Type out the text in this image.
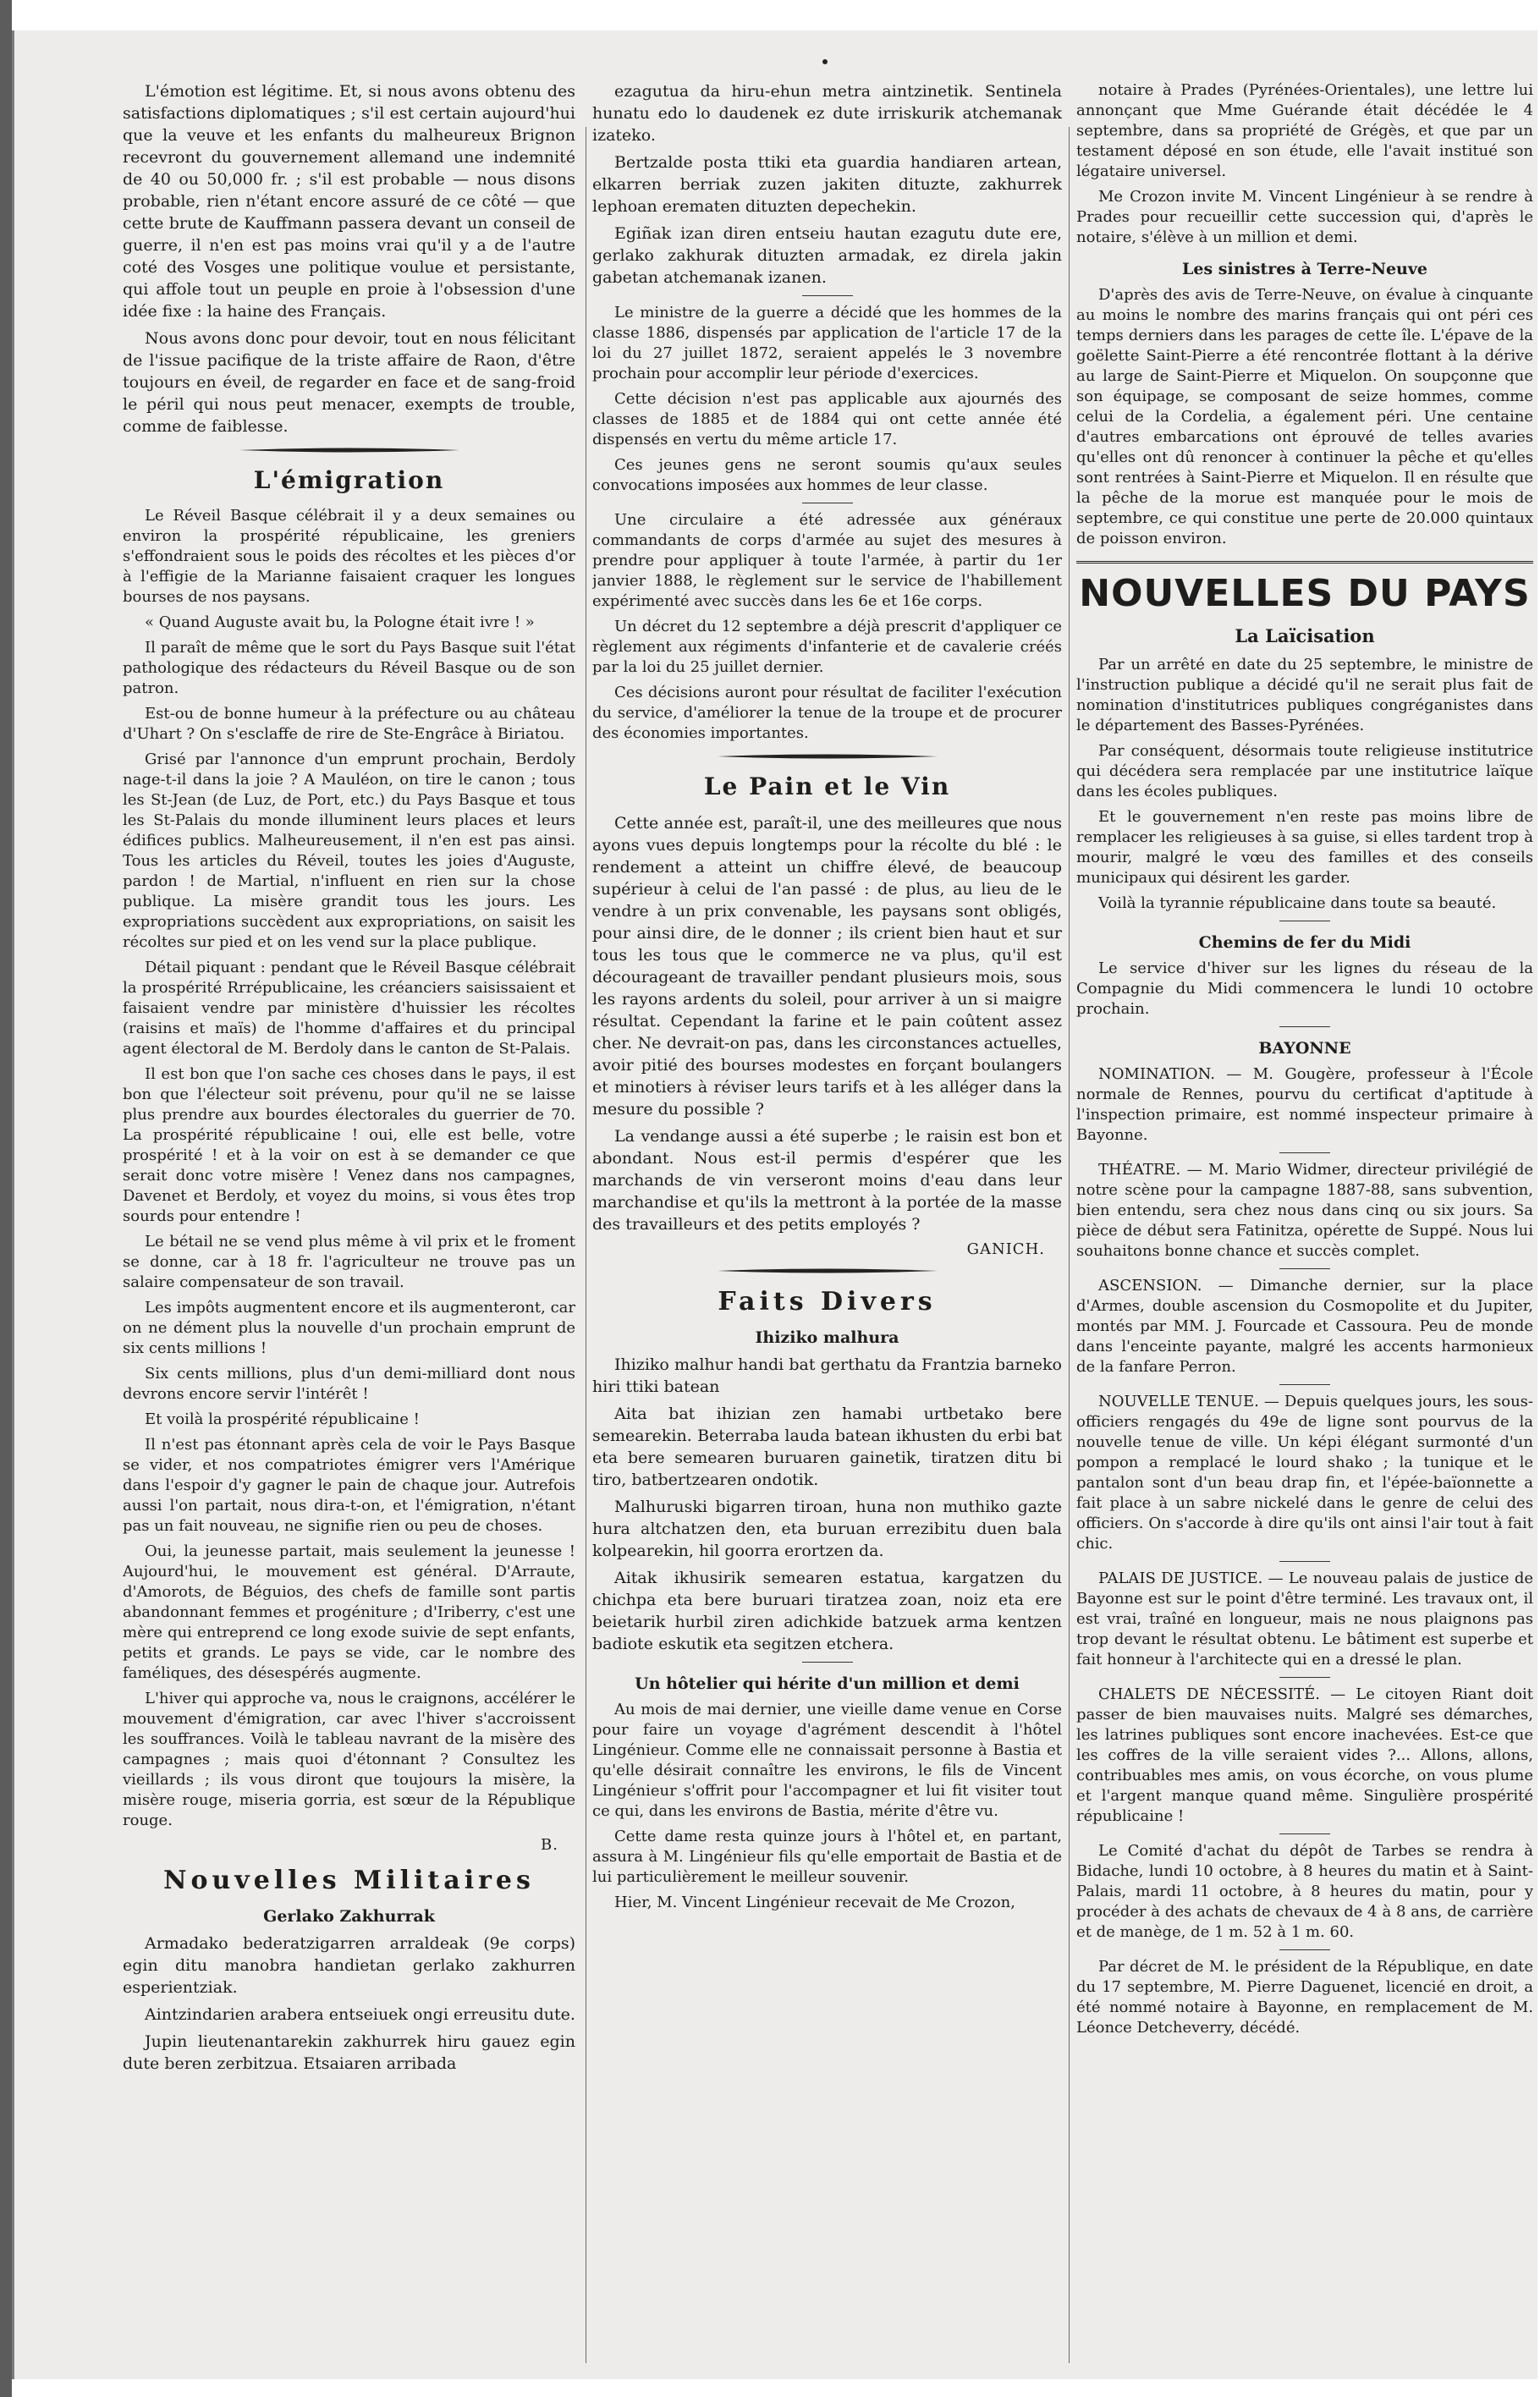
L'émotion est légitime. Et, si nous avons obtenu des satisfactions diplomatiques ; s'il est certain aujourd'hui que la veuve et les enfants du malheureux Brignon recevront du gouvernement allemand une indemnité de 40 ou 50,000 fr. ; s'il est probable — nous disons probable, rien n'étant encore assuré de ce côté — que cette brute de Kauffmann passera devant un conseil de guerre, il n'en est pas moins vrai qu'il y a de l'autre coté des Vosges une politique voulue et persistante, qui affole tout un peuple en proie à l'obsession d'une idée fixe : la haine des Français.

Nous avons donc pour devoir, tout en nous félicitant de l'issue pacifique de la triste affaire de Raon, d'être toujours en éveil, de regarder en face et de sang-froid le péril qui nous peut menacer, exempts de trouble, comme de faiblesse.

L'émigration

Le Réveil Basque célébrait il y a deux semaines ou environ la prospérité républicaine, les greniers s'effondraient sous le poids des récoltes et les pièces d'or à l'effigie de la Marianne faisaient craquer les longues bourses de nos paysans.

« Quand Auguste avait bu, la Pologne était ivre ! »

Il paraît de même que le sort du Pays Basque suit l'état pathologique des rédacteurs du Réveil Basque ou de son patron.

Est-ou de bonne humeur à la préfecture ou au château d'Uhart ? On s'esclaffe de rire de Ste-Engrâce à Biriatou.

Grisé par l'annonce d'un emprunt prochain, Berdoly nage-t-il dans la joie ? A Mauléon, on tire le canon ; tous les St-Jean (de Luz, de Port, etc.) du Pays Basque et tous les St-Palais du monde illuminent leurs places et leurs édifices publics. Malheureusement, il n'en est pas ainsi. Tous les articles du Réveil, toutes les joies d'Auguste, pardon ! de Martial, n'influent en rien sur la chose publique. La misère grandit tous les jours. Les expropriations succèdent aux expropriations, on saisit les récoltes sur pied et on les vend sur la place publique.

Détail piquant : pendant que le Réveil Basque célébrait la prospérité Rrrépublicaine, les créanciers saisissaient et faisaient vendre par ministère d'huissier les récoltes (raisins et maïs) de l'homme d'affaires et du principal agent électoral de M. Berdoly dans le canton de St-Palais.

Il est bon que l'on sache ces choses dans le pays, il est bon que l'électeur soit prévenu, pour qu'il ne se laisse plus prendre aux bourdes électorales du guerrier de 70. La prospérité républicaine ! oui, elle est belle, votre prospérité ! et à la voir on est à se demander ce que serait donc votre misère ! Venez dans nos campagnes, Davenet et Berdoly, et voyez du moins, si vous êtes trop sourds pour entendre !

Le bétail ne se vend plus même à vil prix et le froment se donne, car à 18 fr. l'agriculteur ne trouve pas un salaire compensateur de son travail.

Les impôts augmentent encore et ils augmenteront, car on ne dément plus la nouvelle d'un prochain emprunt de six cents millions !

Six cents millions, plus d'un demi-milliard dont nous devrons encore servir l'intérêt !

Et voilà la prospérité républicaine !

Il n'est pas étonnant après cela de voir le Pays Basque se vider, et nos compatriotes émigrer vers l'Amérique dans l'espoir d'y gagner le pain de chaque jour. Autrefois aussi l'on partait, nous dira-t-on, et l'émigration, n'étant pas un fait nouveau, ne signifie rien ou peu de choses.

Oui, la jeunesse partait, mais seulement la jeunesse ! Aujourd'hui, le mouvement est général. D'Arraute, d'Amorots, de Béguios, des chefs de famille sont partis abandonnant femmes et progéniture ; d'Iriberry, c'est une mère qui entreprend ce long exode suivie de sept enfants, petits et grands. Le pays se vide, car le nombre des faméliques, des désespérés augmente.

L'hiver qui approche va, nous le craignons, accélérer le mouvement d'émigration, car avec l'hiver s'accroissent les souffrances. Voilà le tableau navrant de la misère des campagnes ; mais quoi d'étonnant ? Consultez les vieillards ; ils vous diront que toujours la misère, la misère rouge, miseria gorria, est sœur de la République rouge.

B.
Nouvelles Militaires
Gerlako Zakhurrak

Armadako bederatzigarren arraldeak (9e corps) egin ditu manobra handietan gerlako zakhurren esperientziak.

Aintzindarien arabera entseiuek ongi erreusitu dute.

Jupin lieutenantarekin zakhurrek hiru gauez egin dute beren zerbitzua. Etsaiaren arribada

ezagutua da hiru-ehun metra aintzinetik. Sentinela hunatu edo lo daudenek ez dute irriskurik atchemanak izateko.

Bertzalde posta ttiki eta guardia handiaren artean, elkarren berriak zuzen jakiten dituzte, zakhurrek lephoan erematen dituzten depechekin.

Egiñak izan diren entseiu hautan ezagutu dute ere, gerlako zakhurak dituzten armadak, ez direla jakin gabetan atchemanak izanen.

Le ministre de la guerre a décidé que les hommes de la classe 1886, dispensés par application de l'article 17 de la loi du 27 juillet 1872, seraient appelés le 3 novembre prochain pour accomplir leur période d'exercices.

Cette décision n'est pas applicable aux ajournés des classes de 1885 et de 1884 qui ont cette année été dispensés en vertu du même article 17.

Ces jeunes gens ne seront soumis qu'aux seules convocations imposées aux hommes de leur classe.

Une circulaire a été adressée aux généraux commandants de corps d'armée au sujet des mesures à prendre pour appliquer à toute l'armée, à partir du 1er janvier 1888, le règlement sur le service de l'habillement expérimenté avec succès dans les 6e et 16e corps.

Un décret du 12 septembre a déjà prescrit d'appliquer ce règlement aux régiments d'infanterie et de cavalerie créés par la loi du 25 juillet dernier.

Ces décisions auront pour résultat de faciliter l'exécution du service, d'améliorer la tenue de la troupe et de procurer des économies importantes.

Le Pain et le Vin

Cette année est, paraît-il, une des meilleures que nous ayons vues depuis longtemps pour la récolte du blé : le rendement a atteint un chiffre élevé, de beaucoup supérieur à celui de l'an passé : de plus, au lieu de le vendre à un prix convenable, les paysans sont obligés, pour ainsi dire, de le donner ; ils crient bien haut et sur tous les tous que le commerce ne va plus, qu'il est décourageant de travailler pendant plusieurs mois, sous les rayons ardents du soleil, pour arriver à un si maigre résultat. Cependant la farine et le pain coûtent assez cher. Ne devrait-on pas, dans les circonstances actuelles, avoir pitié des bourses modestes en forçant boulangers et minotiers à réviser leurs tarifs et à les alléger dans la mesure du possible ?

La vendange aussi a été superbe ; le raisin est bon et abondant. Nous est-il permis d'espérer que les marchands de vin verseront moins d'eau dans leur marchandise et qu'ils la mettront à la portée de la masse des travailleurs et des petits employés ?

GANICH.
Faits Divers
Ihiziko malhura

Ihiziko malhur handi bat gerthatu da Frantzia barneko hiri ttiki batean

Aita bat ihizian zen hamabi urtbetako bere semearekin. Beterraba lauda batean ikhusten du erbi bat eta bere semearen buruaren gainetik, tiratzen ditu bi tiro, batbertzearen ondotik.

Malhuruski bigarren tiroan, huna non muthiko gazte hura altchatzen den, eta buruan errezibitu duen bala kolpearekin, hil goorra erortzen da.

Aitak ikhusirik semearen estatua, kargatzen du chichpa eta bere buruari tiratzea zoan, noiz eta ere beietarik hurbil ziren adichkide batzuek arma kentzen badiote eskutik eta segitzen etchera.

Un hôtelier qui hérite d'un million et demi

Au mois de mai dernier, une vieille dame venue en Corse pour faire un voyage d'agrément descendit à l'hôtel Lingénieur. Comme elle ne connaissait personne à Bastia et qu'elle désirait connaître les environs, le fils de Vincent Lingénieur s'offrit pour l'accompagner et lui fit visiter tout ce qui, dans les environs de Bastia, mérite d'être vu.

Cette dame resta quinze jours à l'hôtel et, en partant, assura à M. Lingénieur fils qu'elle emportait de Bastia et de lui particulièrement le meilleur souvenir.

Hier, M. Vincent Lingénieur recevait de Me Crozon,

notaire à Prades (Pyrénées-Orientales), une lettre lui annonçant que Mme Guérande était décédée le 4 septembre, dans sa propriété de Grégès, et que par un testament déposé en son étude, elle l'avait institué son légataire universel.

Me Crozon invite M. Vincent Lingénieur à se rendre à Prades pour recueillir cette succession qui, d'après le notaire, s'élève à un million et demi.

Les sinistres à Terre-Neuve

D'après des avis de Terre-Neuve, on évalue à cinquante au moins le nombre des marins français qui ont péri ces temps derniers dans les parages de cette île. L'épave de la goëlette Saint-Pierre a été rencontrée flottant à la dérive au large de Saint-Pierre et Miquelon. On soupçonne que son équipage, se composant de seize hommes, comme celui de la Cordelia, a également péri. Une centaine d'autres embarcations ont éprouvé de telles avaries qu'elles ont dû renoncer à continuer la pêche et qu'elles sont rentrées à Saint-Pierre et Miquelon. Il en résulte que la pêche de la morue est manquée pour le mois de septembre, ce qui constitue une perte de 20.000 quintaux de poisson environ.

NOUVELLES DU PAYS
La Laïcisation

Par un arrêté en date du 25 septembre, le ministre de l'instruction publique a décidé qu'il ne serait plus fait de nomination d'institutrices publiques congréganistes dans le département des Basses-Pyrénées.

Par conséquent, désormais toute religieuse institutrice qui décédera sera remplacée par une institutrice laïque dans les écoles publiques.

Et le gouvernement n'en reste pas moins libre de remplacer les religieuses à sa guise, si elles tardent trop à mourir, malgré le vœu des familles et des conseils municipaux qui désirent les garder.

Voilà la tyrannie républicaine dans toute sa beauté.

Chemins de fer du Midi

Le service d'hiver sur les lignes du réseau de la Compagnie du Midi commencera le lundi 10 octobre prochain.

BAYONNE

NOMINATION. — M. Gougère, professeur à l'École normale de Rennes, pourvu du certificat d'aptitude à l'inspection primaire, est nommé inspecteur primaire à Bayonne.

THÉATRE. — M. Mario Widmer, directeur privilégié de notre scène pour la campagne 1887-88, sans subvention, bien entendu, sera chez nous dans cinq ou six jours. Sa pièce de début sera Fatinitza, opérette de Suppé. Nous lui souhaitons bonne chance et succès complet.

ASCENSION. — Dimanche dernier, sur la place d'Armes, double ascension du Cosmopolite et du Jupiter, montés par MM. J. Fourcade et Cassoura. Peu de monde dans l'enceinte payante, malgré les accents harmonieux de la fanfare Perron.

NOUVELLE TENUE. — Depuis quelques jours, les sous-officiers rengagés du 49e de ligne sont pourvus de la nouvelle tenue de ville. Un képi élégant surmonté d'un pompon a remplacé le lourd shako ; la tunique et le pantalon sont d'un beau drap fin, et l'épée-baïonnette a fait place à un sabre nickelé dans le genre de celui des officiers. On s'accorde à dire qu'ils ont ainsi l'air tout à fait chic.

PALAIS DE JUSTICE. — Le nouveau palais de justice de Bayonne est sur le point d'être terminé. Les travaux ont, il est vrai, traîné en longueur, mais ne nous plaignons pas trop devant le résultat obtenu. Le bâtiment est superbe et fait honneur à l'architecte qui en a dressé le plan.

CHALETS DE NÉCESSITÉ. — Le citoyen Riant doit passer de bien mauvaises nuits. Malgré ses démarches, les latrines publiques sont encore inachevées. Est-ce que les coffres de la ville seraient vides ?... Allons, allons, contribuables mes amis, on vous écorche, on vous plume et l'argent manque quand même. Singulière prospérité républicaine !

Le Comité d'achat du dépôt de Tarbes se rendra à Bidache, lundi 10 octobre, à 8 heures du matin et à Saint-Palais, mardi 11 octobre, à 8 heures du matin, pour y procéder à des achats de chevaux de 4 à 8 ans, de carrière et de manège, de 1 m. 52 à 1 m. 60.

Par décret de M. le président de la République, en date du 17 septembre, M. Pierre Daguenet, licencié en droit, a été nommé notaire à Bayonne, en remplacement de M. Léonce Detcheverry, décédé.
